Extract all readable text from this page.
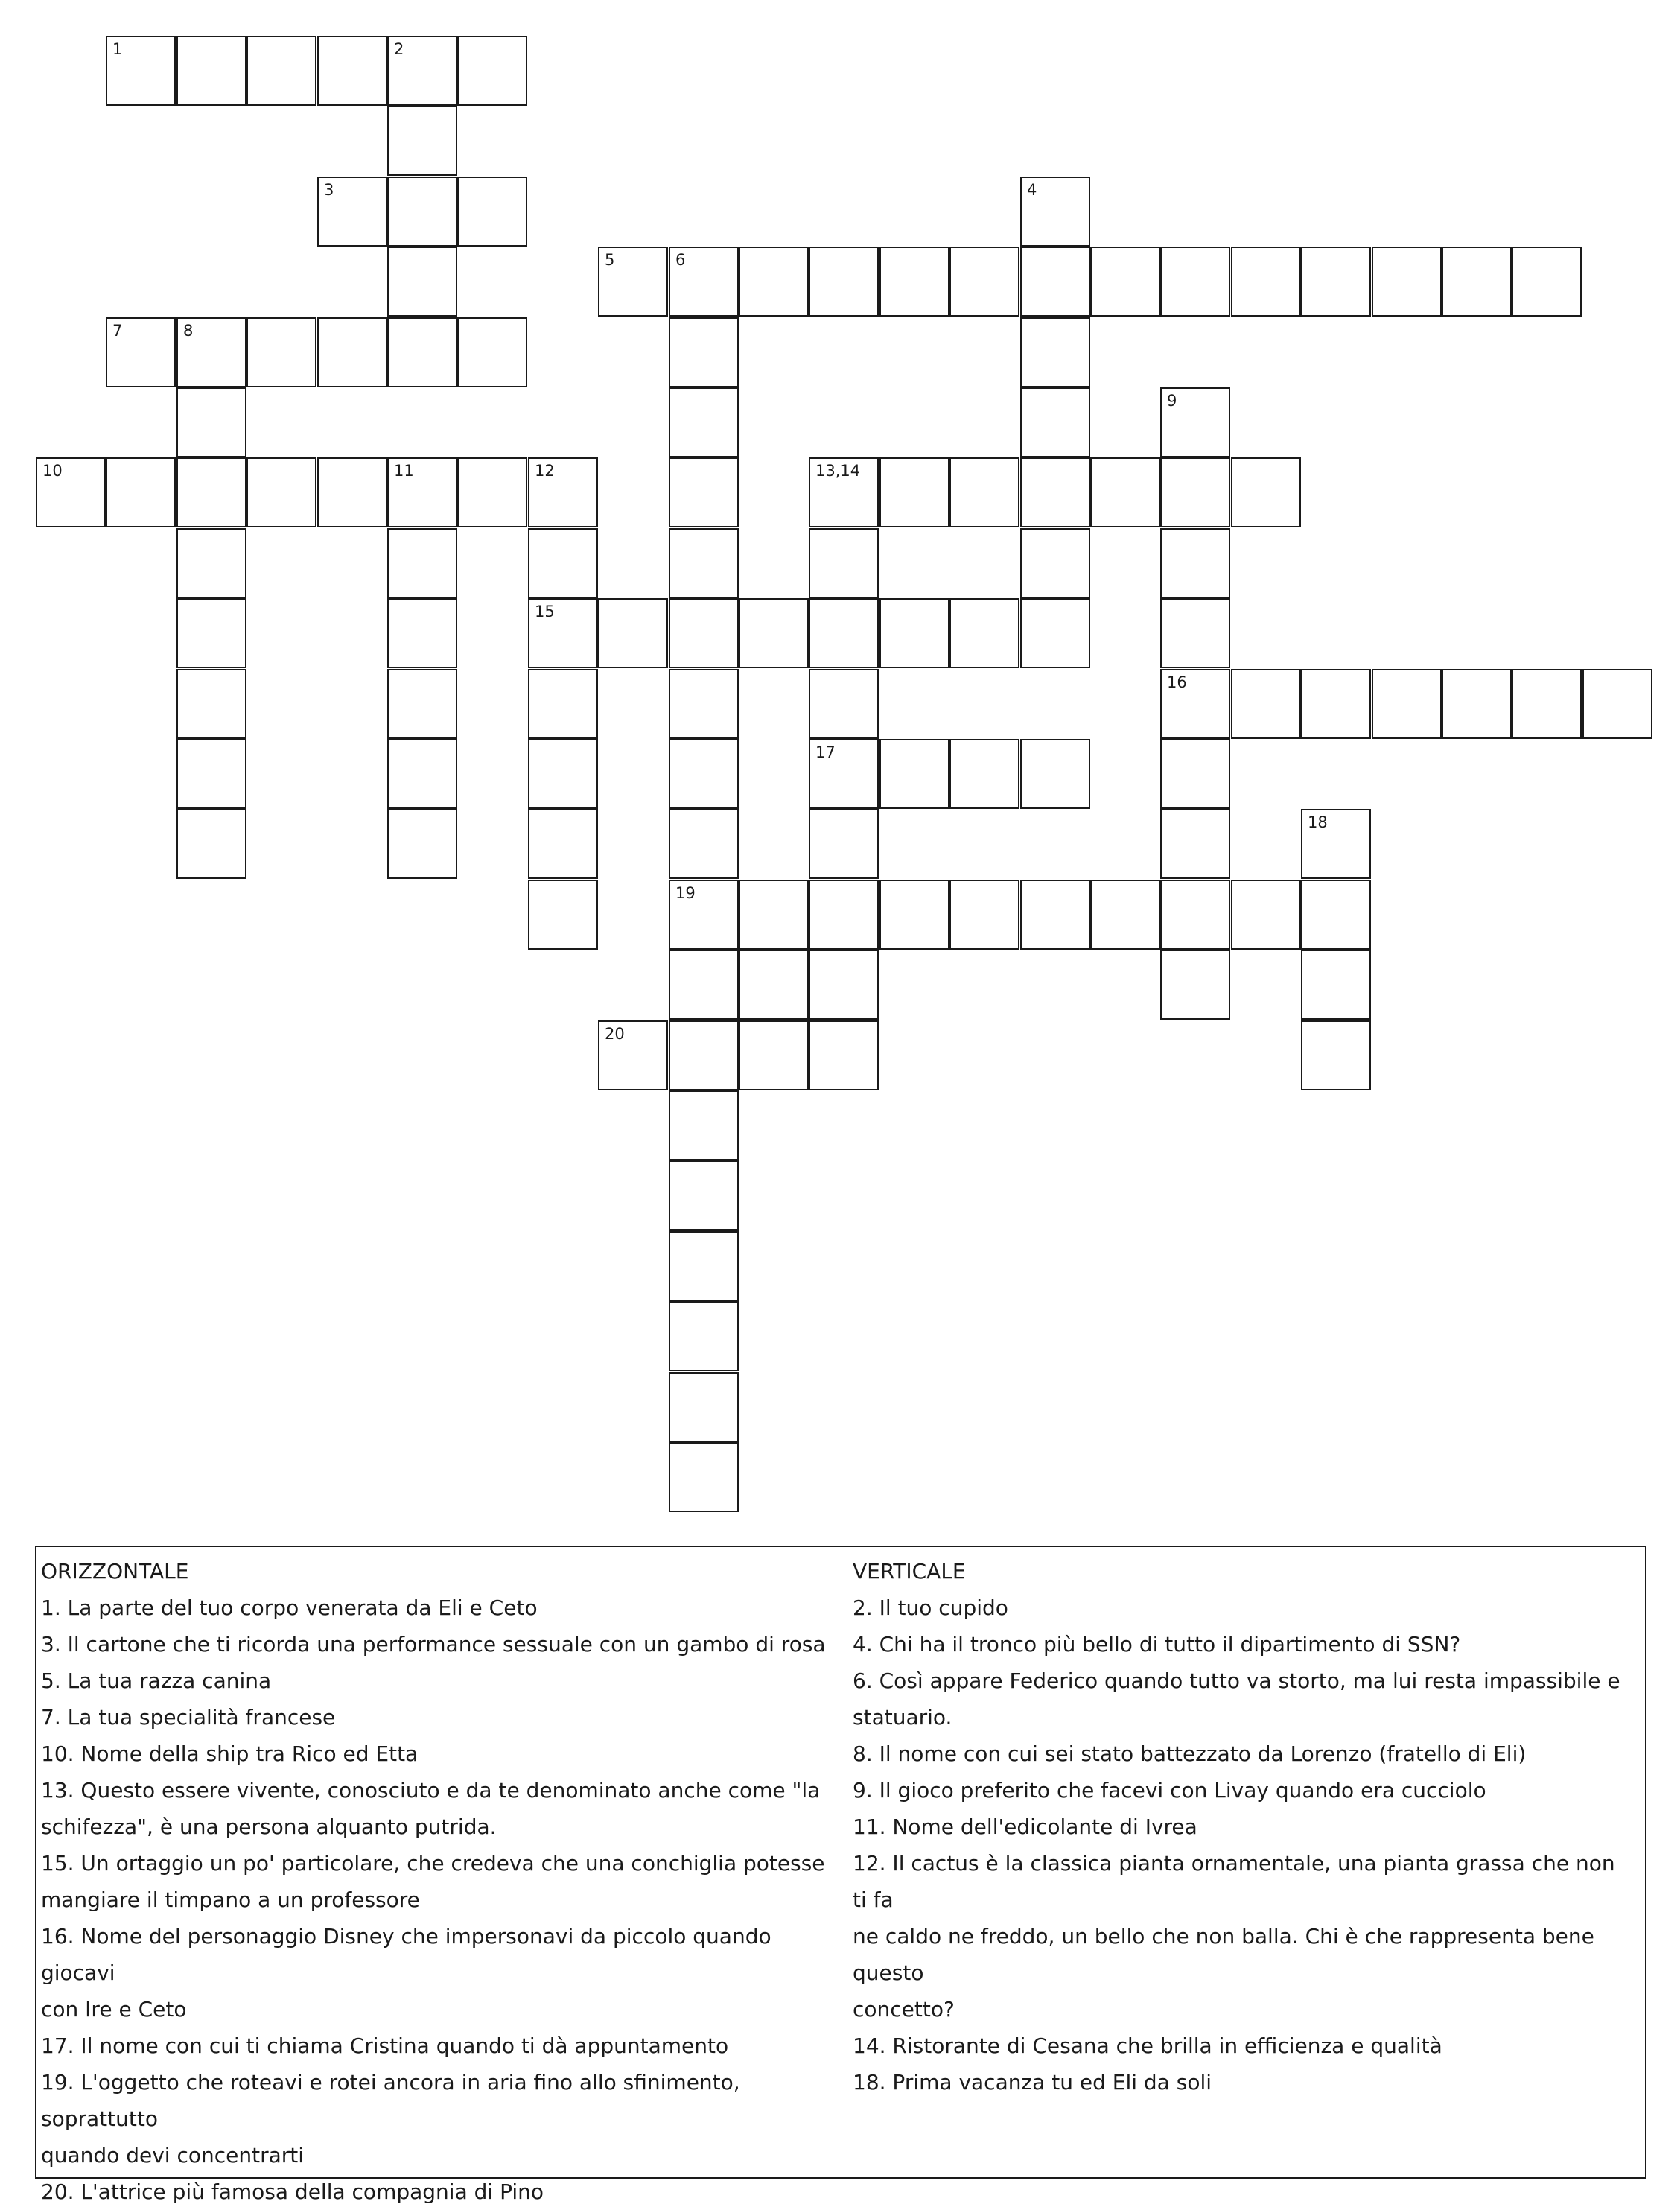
1	2
3	4
5	6
7	8
9
10	11	12	13,14
15
16
17
18
19
20

ORIZZONTALE

1. La parte del tuo corpo venerata da Eli e Ceto

3. Il cartone che ti ricorda una performance sessuale con un gambo di rosa

5. La tua razza canina

7. La tua specialità francese

10. Nome della ship tra Rico ed Etta

13. Questo essere vivente, conosciuto e da te denominato anche come "la

schifezza", è una persona alquanto putrida.

15. Un ortaggio un po' particolare, che credeva che una conchiglia potesse

mangiare il timpano a un professore

16. Nome del personaggio Disney che impersonavi da piccolo quando giocavi

con Ire e Ceto

17. Il nome con cui ti chiama Cristina quando ti dà appuntamento

19. L'oggetto che roteavi e rotei ancora in aria fino allo sfinimento, soprattutto

quando devi concentrarti

20. L'attrice più famosa della compagnia di Pino

VERTICALE

2. Il tuo cupido

4. Chi ha il tronco più bello di tutto il dipartimento di SSN?

6. Così appare Federico quando tutto va storto, ma lui resta impassibile e

statuario.

8. Il nome con cui sei stato battezzato da Lorenzo (fratello di Eli)

9. Il gioco preferito che facevi con Livay quando era cucciolo

11. Nome dell'edicolante di Ivrea

12. Il cactus è la classica pianta ornamentale, una pianta grassa che non ti fa

ne caldo ne freddo, un bello che non balla. Chi è che rappresenta bene questo

concetto?

14. Ristorante di Cesana che brilla in efficienza e qualità

18. Prima vacanza tu ed Eli da soli
